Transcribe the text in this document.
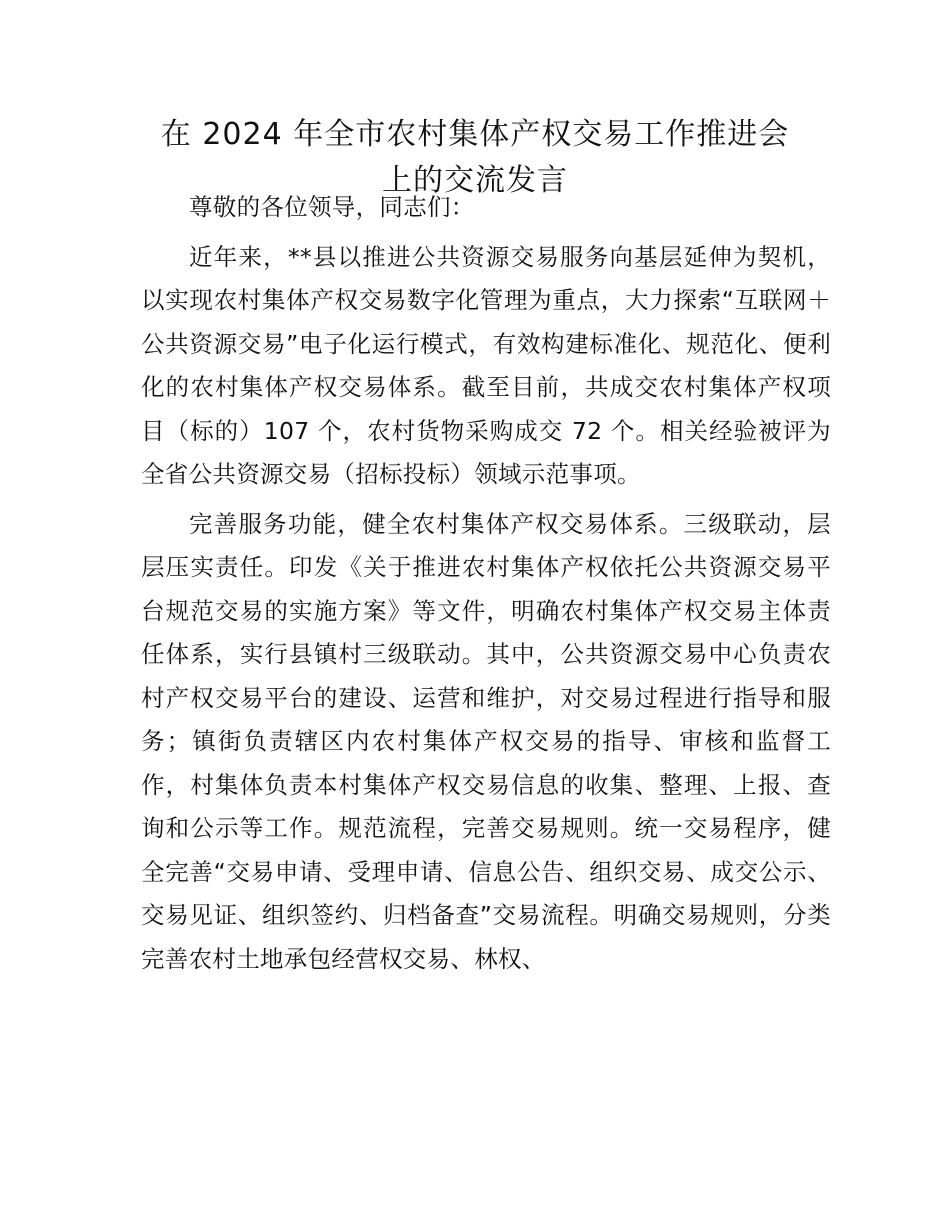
在 2024 年全市农村集体产权交易工作推进会
上的交流发言

尊敬的各位领导，同志们：

近年来，**县以推进公共资源交易服务向基层延伸为契机，以实现农村集体产权交易数字化管理为重点，大力探索“互联网＋公共资源交易”电子化运行模式，有效构建标准化、规范化、便利化的农村集体产权交易体系。截至目前，共成交农村集体产权项目（标的）107 个，农村货物采购成交 72 个。相关经验被评为全省公共资源交易（招标投标）领域示范事项。

完善服务功能，健全农村集体产权交易体系。三级联动，层层压实责任。印发《关于推进农村集体产权依托公共资源交易平台规范交易的实施方案》等文件，明确农村集体产权交易主体责任体系，实行县镇村三级联动。其中，公共资源交易中心负责农村产权交易平台的建设、运营和维护，对交易过程进行指导和服务；镇街负责辖区内农村集体产权交易的指导、审核和监督工作，村集体负责本村集体产权交易信息的收集、整理、上报、查询和公示等工作。规范流程，完善交易规则。统一交易程序，健全完善“交易申请、受理申请、信息公告、组织交易、成交公示、交易见证、组织签约、归档备查”交易流程。明确交易规则，分类完善农村土地承包经营权交易、林权、
